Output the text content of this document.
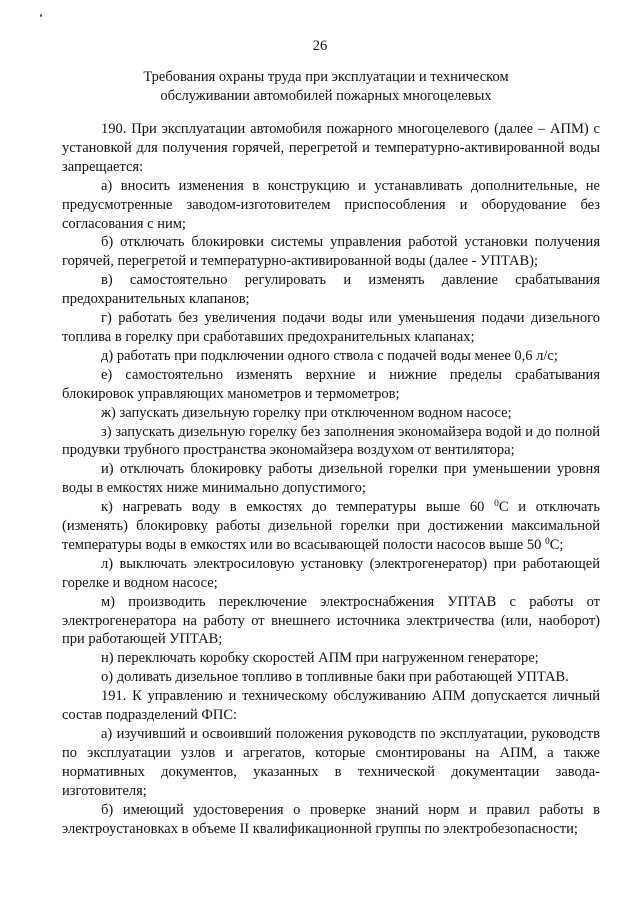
26
Требования охраны труда при эксплуатации и техническом
обслуживании автомобилей пожарных многоцелевых

190. При эксплуатации автомобиля пожарного многоцелевого (далее – АПМ) с установкой для получения горячей, перегретой и температурно-активированной воды запрещается:

а) вносить изменения в конструкцию и устанавливать дополнительные, не предусмотренные заводом-изготовителем приспособления и оборудование без согласования с ним;

б) отключать блокировки системы управления работой установки получения горячей, перегретой и температурно-активированной воды (далее - УПТАВ);

в) самостоятельно регулировать и изменять давление срабатывания предохранительных клапанов;

г) работать без увеличения подачи воды или уменьшения подачи дизельного топлива в горелку при сработавших предохранительных клапанах;

д) работать при подключении одного ствола с подачей воды менее 0,6 л/с;

е) самостоятельно изменять верхние и нижние пределы срабатывания блокировок управляющих манометров и термометров;

ж) запускать дизельную горелку при отключенном водном насосе;

з) запускать дизельную горелку без заполнения экономайзера водой и до полной продувки трубного пространства экономайзера воздухом от вентилятора;

и) отключать блокировку работы дизельной горелки при уменьшении уровня воды в емкостях ниже минимально допустимого;

к) нагревать воду в емкостях до температуры выше 60 $^0$С и отключать (изменять) блокировку работы дизельной горелки при достижении максимальной температуры воды в емкостях или во всасывающей полости насосов выше 50 $^0$С;

л) выключать электросиловую установку (электрогенератор) при работающей горелке и водном насосе;

м) производить переключение электроснабжения УПТАВ с работы от электрогенератора на работу от внешнего источника электричества (или, наоборот) при работающей УПТАВ;

н) переключать коробку скоростей АПМ при нагруженном генераторе;

о) доливать дизельное топливо в топливные баки при работающей УПТАВ.

191. К управлению и техническому обслуживанию АПМ допускается личный состав подразделений ФПС:

а) изучивший и освоивший положения руководств по эксплуатации, руководств по эксплуатации узлов и агрегатов, которые смонтированы на АПМ, а также нормативных документов, указанных в технической документации завода-изготовителя;

б) имеющий удостоверения о проверке знаний норм и правил работы в электроустановках в объеме II квалификационной группы по электробезопасности;
